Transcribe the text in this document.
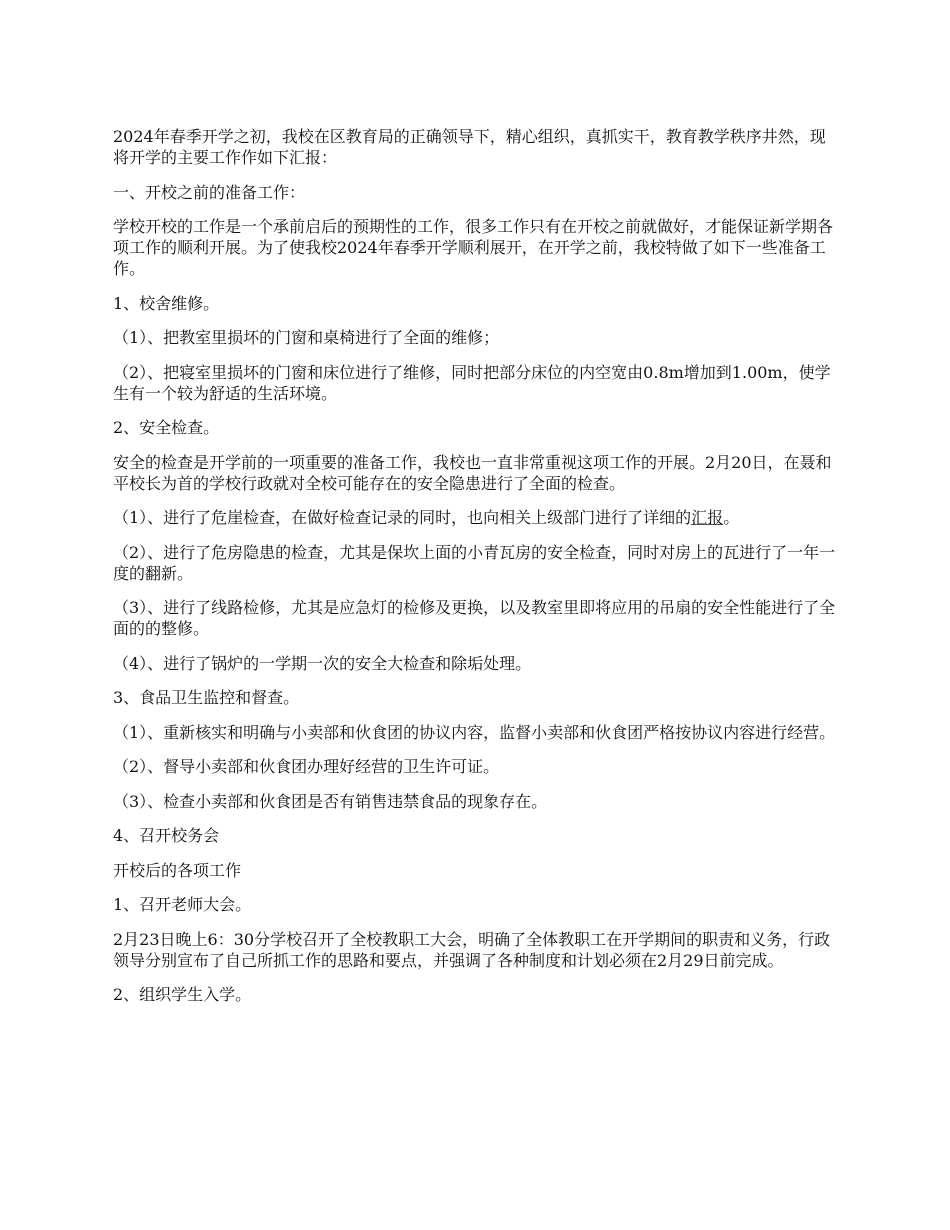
2024年春季开学之初，我校在区教育局的正确领导下，精心组织，真抓实干，教育教学秩序井然，现将开学的主要工作作如下汇报：

一、开校之前的准备工作：

学校开校的工作是一个承前启后的预期性的工作，很多工作只有在开校之前就做好，才能保证新学期各项工作的顺利开展。为了使我校2024年春季开学顺利展开，在开学之前，我校特做了如下一些准备工作。

1、校舍维修。

（1）、把教室里损坏的门窗和桌椅进行了全面的维修；

（2）、把寝室里损坏的门窗和床位进行了维修，同时把部分床位的内空宽由0.8m增加到1.00m，使学生有一个较为舒适的生活环境。

2、安全检查。

安全的检查是开学前的一项重要的准备工作，我校也一直非常重视这项工作的开展。2月20日，在聂和平校长为首的学校行政就对全校可能存在的安全隐患进行了全面的检查。

（1）、进行了危崖检查，在做好检查记录的同时，也向相关上级部门进行了详细的汇报。

（2）、进行了危房隐患的检查，尤其是保坎上面的小青瓦房的安全检查，同时对房上的瓦进行了一年一度的翻新。

（3）、进行了线路检修，尤其是应急灯的检修及更换，以及教室里即将应用的吊扇的安全性能进行了全面的的整修。

（4）、进行了锅炉的一学期一次的安全大检查和除垢处理。

3、食品卫生监控和督查。

（1）、重新核实和明确与小卖部和伙食团的协议内容，监督小卖部和伙食团严格按协议内容进行经营。

（2）、督导小卖部和伙食团办理好经营的卫生许可证。

（3）、检查小卖部和伙食团是否有销售违禁食品的现象存在。

4、召开校务会

开校后的各项工作

1、召开老师大会。

2月23日晚上6：30分学校召开了全校教职工大会，明确了全体教职工在开学期间的职责和义务，行政领导分别宣布了自己所抓工作的思路和要点，并强调了各种制度和计划必须在2月29日前完成。

2、组织学生入学。
